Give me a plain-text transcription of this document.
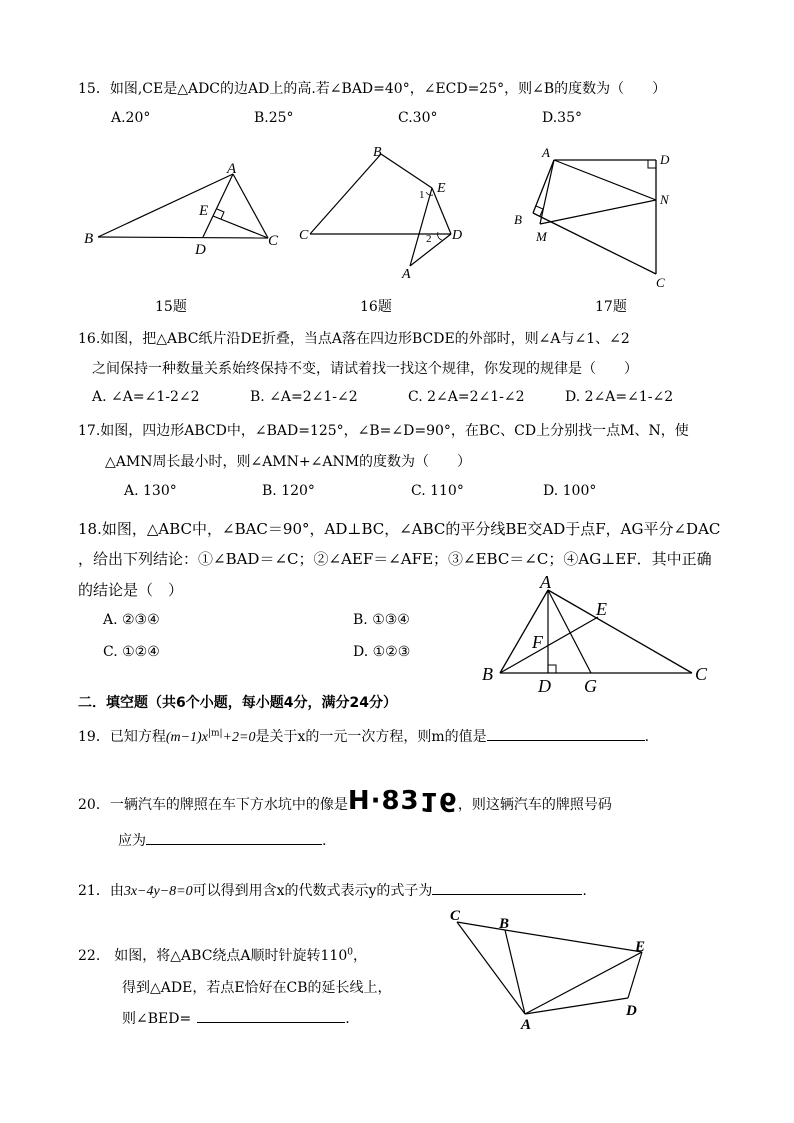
15．如图,CE是△ADC的边AD上的高.若∠BAD=40°，∠ECD=25°，则∠B的度数为（　　）
A.20°	B.25°	C.30°	D.35°
A
B	C
D
E
15题
B
C	D
E
A
1
2
16题
A	D
B
M
N
C
17题
16.如图，把△ABC纸片沿DE折叠，当点A落在四边形BCDE的外部时，则∠A与∠1、∠2
之间保持一种数量关系始终保持不变，请试着找一找这个规律，你发现的规律是（　　）
A. ∠A=∠1-2∠2	B. ∠A=2∠1-∠2	C. 2∠A=2∠1-∠2	D. 2∠A=∠1-∠2
17.如图，四边形ABCD中，∠BAD=125°，∠B=∠D=90°，在BC、CD上分别找一点M、N，使
△AMN周长最小时，则∠AMN+∠ANM的度数为（　　）
A. 130°	B. 120°	C. 110°	D. 100°
18.如图，△ABC中，∠BAC＝90°，AD⊥BC，∠ABC的平分线BE交AD于点F，AG平分∠DAC
，给出下列结论：①∠BAD＝∠C；②∠AEF＝∠AFE；③∠EBC＝∠C；④AG⊥EF．其中正确
的结论是（　）
A. ②③④	B. ①③④
C. ①②④	D. ①②③
A
B	C
D
E
F
G
二．填空题（共6个小题，每小题4分，满分24分）
19．已知方程$(m-1)x^{|m|}+2=0$是关于x的一元一次方程，则m的值是	.
20．一辆汽车的牌照在车下方水坑中的像是H·8316，则这辆汽车的牌照号码
应为	.
21．由3x−4y−8=0可以得到用含x的代数式表示y的式子为	.
22.　如图，将△ABC绕点A顺时针旋转$110^0$，
得到△ADE，若点E恰好在CB的延长线上，
则∠BED=	.
C	B
E
D
A
